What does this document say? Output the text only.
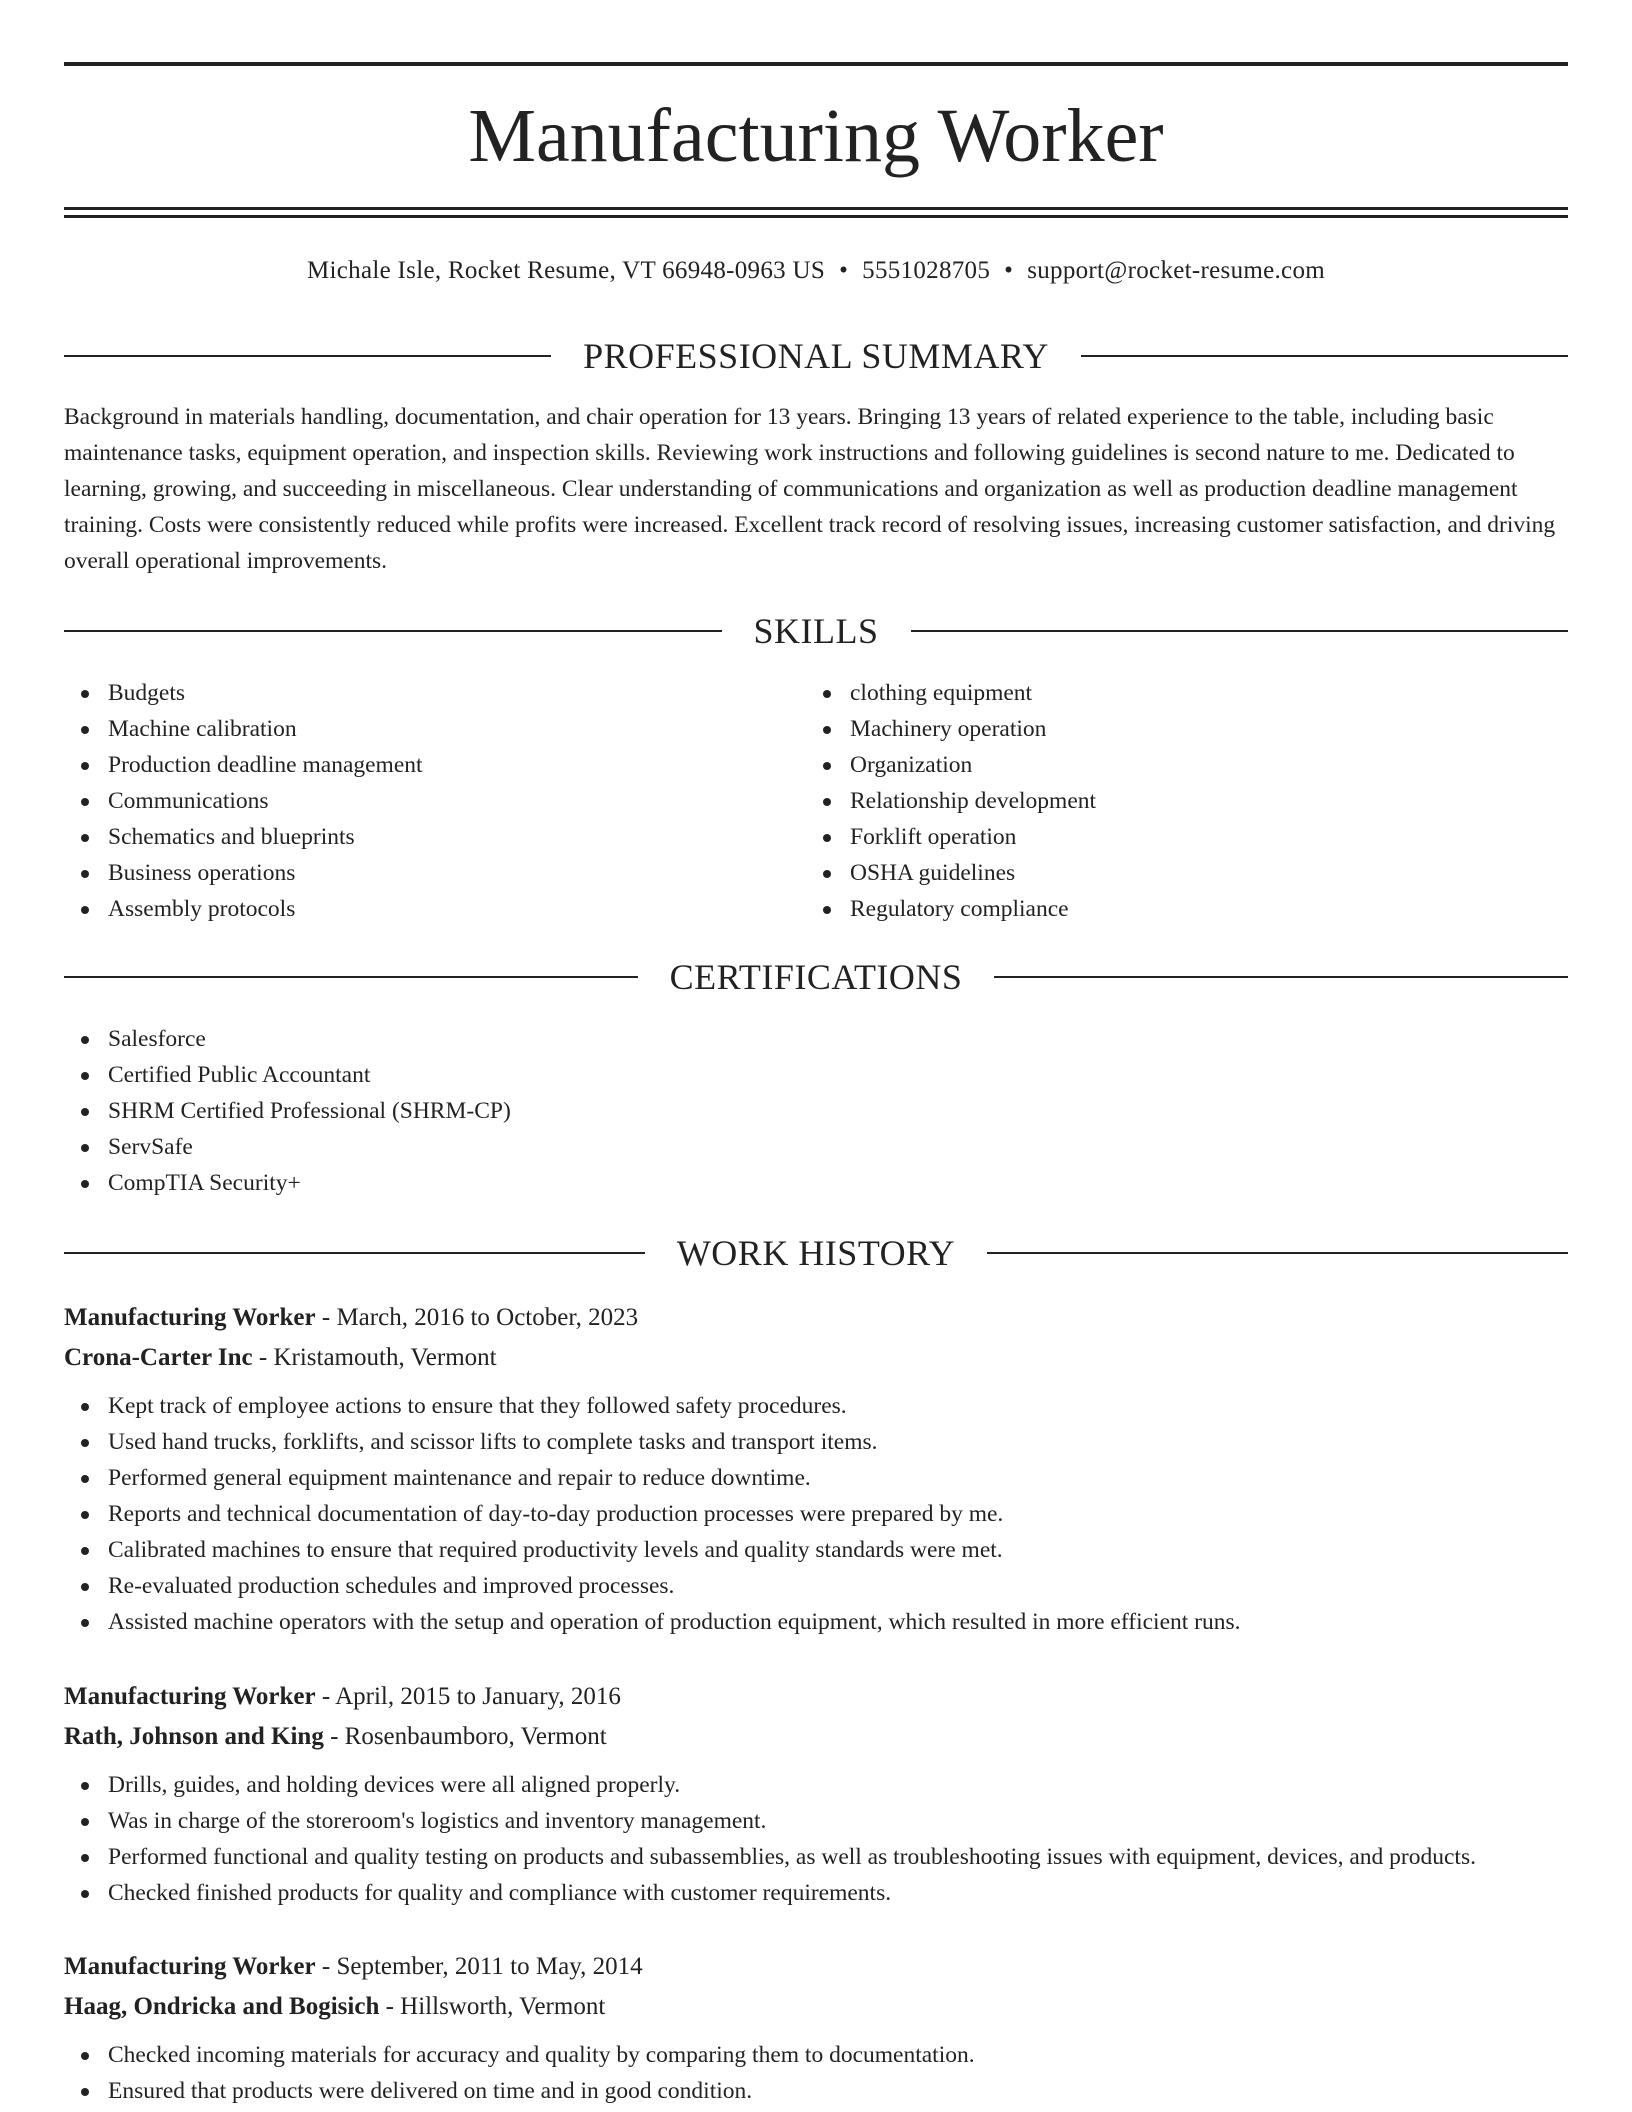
Manufacturing Worker
Michale Isle, Rocket Resume, VT 66948-0963 US • 5551028705 • support@rocket-resume.com
PROFESSIONAL SUMMARY

Background in materials handling, documentation, and chair operation for 13 years. Bringing 13 years of related experience to the table, including basic maintenance tasks, equipment operation, and inspection skills. Reviewing work instructions and following guidelines is second nature to me. Dedicated to learning, growing, and succeeding in miscellaneous. Clear understanding of communications and organization as well as production deadline management training. Costs were consistently reduced while profits were increased. Excellent track record of resolving issues, increasing customer satisfaction, and driving overall operational improvements.

SKILLS
Budgets
Machine calibration
Production deadline management
Communications
Schematics and blueprints
Business operations
Assembly protocols
clothing equipment
Machinery operation
Organization
Relationship development
Forklift operation
OSHA guidelines
Regulatory compliance
CERTIFICATIONS
Salesforce
Certified Public Accountant
SHRM Certified Professional (SHRM-CP)
ServSafe
CompTIA Security+
WORK HISTORY
Manufacturing Worker - March, 2016 to October, 2023
Crona-Carter Inc - Kristamouth, Vermont
Kept track of employee actions to ensure that they followed safety procedures.
Used hand trucks, forklifts, and scissor lifts to complete tasks and transport items.
Performed general equipment maintenance and repair to reduce downtime.
Reports and technical documentation of day-to-day production processes were prepared by me.
Calibrated machines to ensure that required productivity levels and quality standards were met.
Re-evaluated production schedules and improved processes.
Assisted machine operators with the setup and operation of production equipment, which resulted in more efficient runs.
Manufacturing Worker - April, 2015 to January, 2016
Rath, Johnson and King - Rosenbaumboro, Vermont
Drills, guides, and holding devices were all aligned properly.
Was in charge of the storeroom's logistics and inventory management.
Performed functional and quality testing on products and subassemblies, as well as troubleshooting issues with equipment, devices, and products.
Checked finished products for quality and compliance with customer requirements.
Manufacturing Worker - September, 2011 to May, 2014
Haag, Ondricka and Bogisich - Hillsworth, Vermont
Checked incoming materials for accuracy and quality by comparing them to documentation.
Ensured that products were delivered on time and in good condition.
